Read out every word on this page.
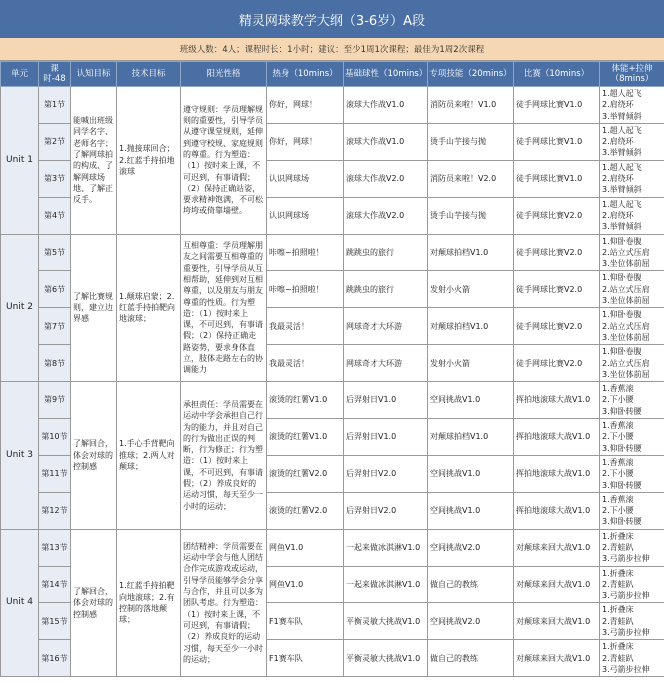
精灵网球教学大纲（3-6岁）A段
班级人数：4人；课程时长：1小时；建议：至少1周1次课程；最佳为1周2次课程
单元	课时-48	认知目标	技术目标	阳光性格	热身（10mins）	基础球性（10mins）	专项技能（20mins）	比赛（10mins）	体能+拉伸（8mins）
Unit 1	第1节	能喊出班级同学名字、老师名字；了解网球拍的构成、了解网球场地、了解正反手。	1.抛接球回合；2.红蓝手持拍地滚球	遵守规则：学员理解规则的重要性，引导学员从遵守课堂规则，延伸到遵守校规、家庭规则的尊重。行为塑造：（1）按时来上课，不可迟到，有事请假；（2）保持正确站姿，要求精神饱满，不可松垮垮或倚靠墙壁。	你好，网球！	滚球大作战V1.0	消防员来啦！V1.0	徒手网球比赛V1.0	1.超人起飞
2.肩绕环
3.举臂倾斜

	第2节				你好，网球！	滚球大作战V1.0	烫手山芋接与抛	徒手网球比赛V1.0	1.超人起飞
2.肩绕环
3.举臂倾斜

	第3节				认识网球场	滚球大作战V2.0	消防员来啦！V2.0	徒手网球比赛V1.0	1.超人起飞
2.肩绕环
3.举臂倾斜

	第4节				认识网球场	滚球大作战V2.0	烫手山芋接与抛	徒手网球比赛V2.0	1.超人起飞
2.肩绕环
3.举臂倾斜

Unit 2	第5节	了解比赛规则，建立边界感	1.颠球启蒙；2.红蓝手持拍靶向地滚球；	互相尊重：学员理解朋友之间需要互相尊重的重要性，引导学员从互相帮助，延伸到对互相尊重，以及朋友与朋友尊重的性质。行为塑造：（1）按时来上课，不可迟到，有事请假；（2）保持正确走路姿势，要求身体直立，肢体走路左右的协调能力	咔嚓~拍照啦！	跳跳虫的旅行	对颠球拍档V1.0	徒手网球比赛V2.0	1.仰卧卷腹
2.站立式压肩
3.坐位体前屈

	第6节				咔嚓~拍照啦！	跳跳虫的旅行	发射小火箭	徒手网球比赛V2.0	1.仰卧卷腹
2.站立式压肩
3.坐位体前屈

	第7节				我最灵活！	网球奇才大环游	对颠球拍档V1.0	徒手网球比赛V2.0	1.仰卧卷腹
2.站立式压肩
3.坐位体前屈

	第8节				我最灵活！	网球奇才大环游	发射小火箭	徒手网球比赛V2.0	1.仰卧卷腹
2.站立式压肩
3.坐位体前屈

Unit 3	第9节	了解回合，体会对球的控制感	1.手心手背靶向推球；2.两人对颠球；	承担责任：学员需要在运动中学会承担自己行为的能力，并且对自己的行为做出正误的判断，行为修正；行为塑造：（1）按时来上课，不可迟到，有事请假；（2）养成良好的运动习惯，每天至少一小时的运动；	滚烫的红薯V1.0	后羿射日V1.0	空间挑战V1.0	挥拍地滚球大战V1.0	1.香蕉滚
2.下小腰
3.仰卧转腰

	第10节				滚烫的红薯V1.0	后羿射日V1.0	对颠球拍档V1.0	挥拍地滚球大战V1.0	1.香蕉滚
2.下小腰
3.仰卧转腰

	第11节				滚烫的红薯V2.0	后羿射日V2.0	空间挑战V1.0	挥拍地滚球大战V1.0	1.香蕉滚
2.下小腰
3.仰卧转腰

	第12节				滚烫的红薯V2.0	后羿射日V2.0	空间挑战V1.0	挥拍地滚球大战V1.0	1.香蕉滚
2.下小腰
3.仰卧转腰

Unit 4	第13节	了解回合，体会对球的控制感	1.红蓝手持拍靶向地滚球；2.有控制的落地颠球；	团结精神：学员需要在运动中学会与他人团结合作完成游戏或运动，引导学员能够学会分享与合作，并且可以多为团队考虑。行为塑造：（1）按时来上课，不可迟到，有事请假；（2）养成良好的运动习惯，每天至少一小时的运动；	网鱼V1.0	一起来做冰淇淋V1.0	空间挑战V2.0	对颠球来回大战V1.0	1.折叠床
2.青蛙趴
3.弓箭步拉伸

	第14节				网鱼V1.0	一起来做冰淇淋V1.0	做自己的教练	对颠球来回大战V1.0	1.折叠床
2.青蛙趴
3.弓箭步拉伸

	第15节				F1赛车队	平衡灵敏大挑战V1.0	空间挑战V2.0	对颠球来回大战V1.0	1.折叠床
2.青蛙趴
3.弓箭步拉伸

	第16节				F1赛车队	平衡灵敏大挑战V1.0	做自己的教练	对颠球来回大战V1.0	1.折叠床
2.青蛙趴
3.弓箭步拉伸
